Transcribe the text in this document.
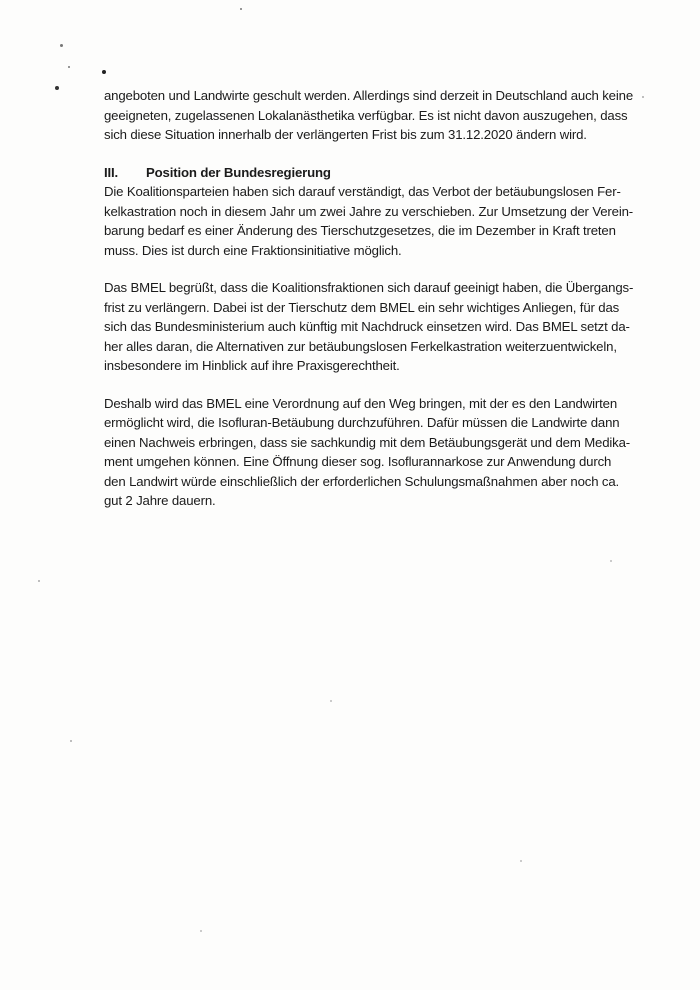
angeboten und Landwirte geschult werden. Allerdings sind derzeit in Deutschland auch keine
geeigneten, zugelassenen Lokalanästhetika verfügbar. Es ist nicht davon auszugehen, dass
sich diese Situation innerhalb der verlängerten Frist bis zum 31.12.2020 ändern wird.
III. Position der Bundesregierung
Die Koalitionsparteien haben sich darauf verständigt, das Verbot der betäubungslosen Fer-
kelkastration noch in diesem Jahr um zwei Jahre zu verschieben. Zur Umsetzung der Verein-
barung bedarf es einer Änderung des Tierschutzgesetzes, die im Dezember in Kraft treten
muss. Dies ist durch eine Fraktionsinitiative möglich.
Das BMEL begrüßt, dass die Koalitionsfraktionen sich darauf geeinigt haben, die Übergangs-
frist zu verlängern. Dabei ist der Tierschutz dem BMEL ein sehr wichtiges Anliegen, für das
sich das Bundesministerium auch künftig mit Nachdruck einsetzen wird. Das BMEL setzt da-
her alles daran, die Alternativen zur betäubungslosen Ferkelkastration weiterzuentwickeln,
insbesondere im Hinblick auf ihre Praxisgerechtheit.
Deshalb wird das BMEL eine Verordnung auf den Weg bringen, mit der es den Landwirten
ermöglicht wird, die Isofluran-Betäubung durchzuführen. Dafür müssen die Landwirte dann
einen Nachweis erbringen, dass sie sachkundig mit dem Betäubungsgerät und dem Medika-
ment umgehen können. Eine Öffnung dieser sog. Isoflurannarkose zur Anwendung durch
den Landwirt würde einschließlich der erforderlichen Schulungsmaßnahmen aber noch ca.
gut 2 Jahre dauern.
